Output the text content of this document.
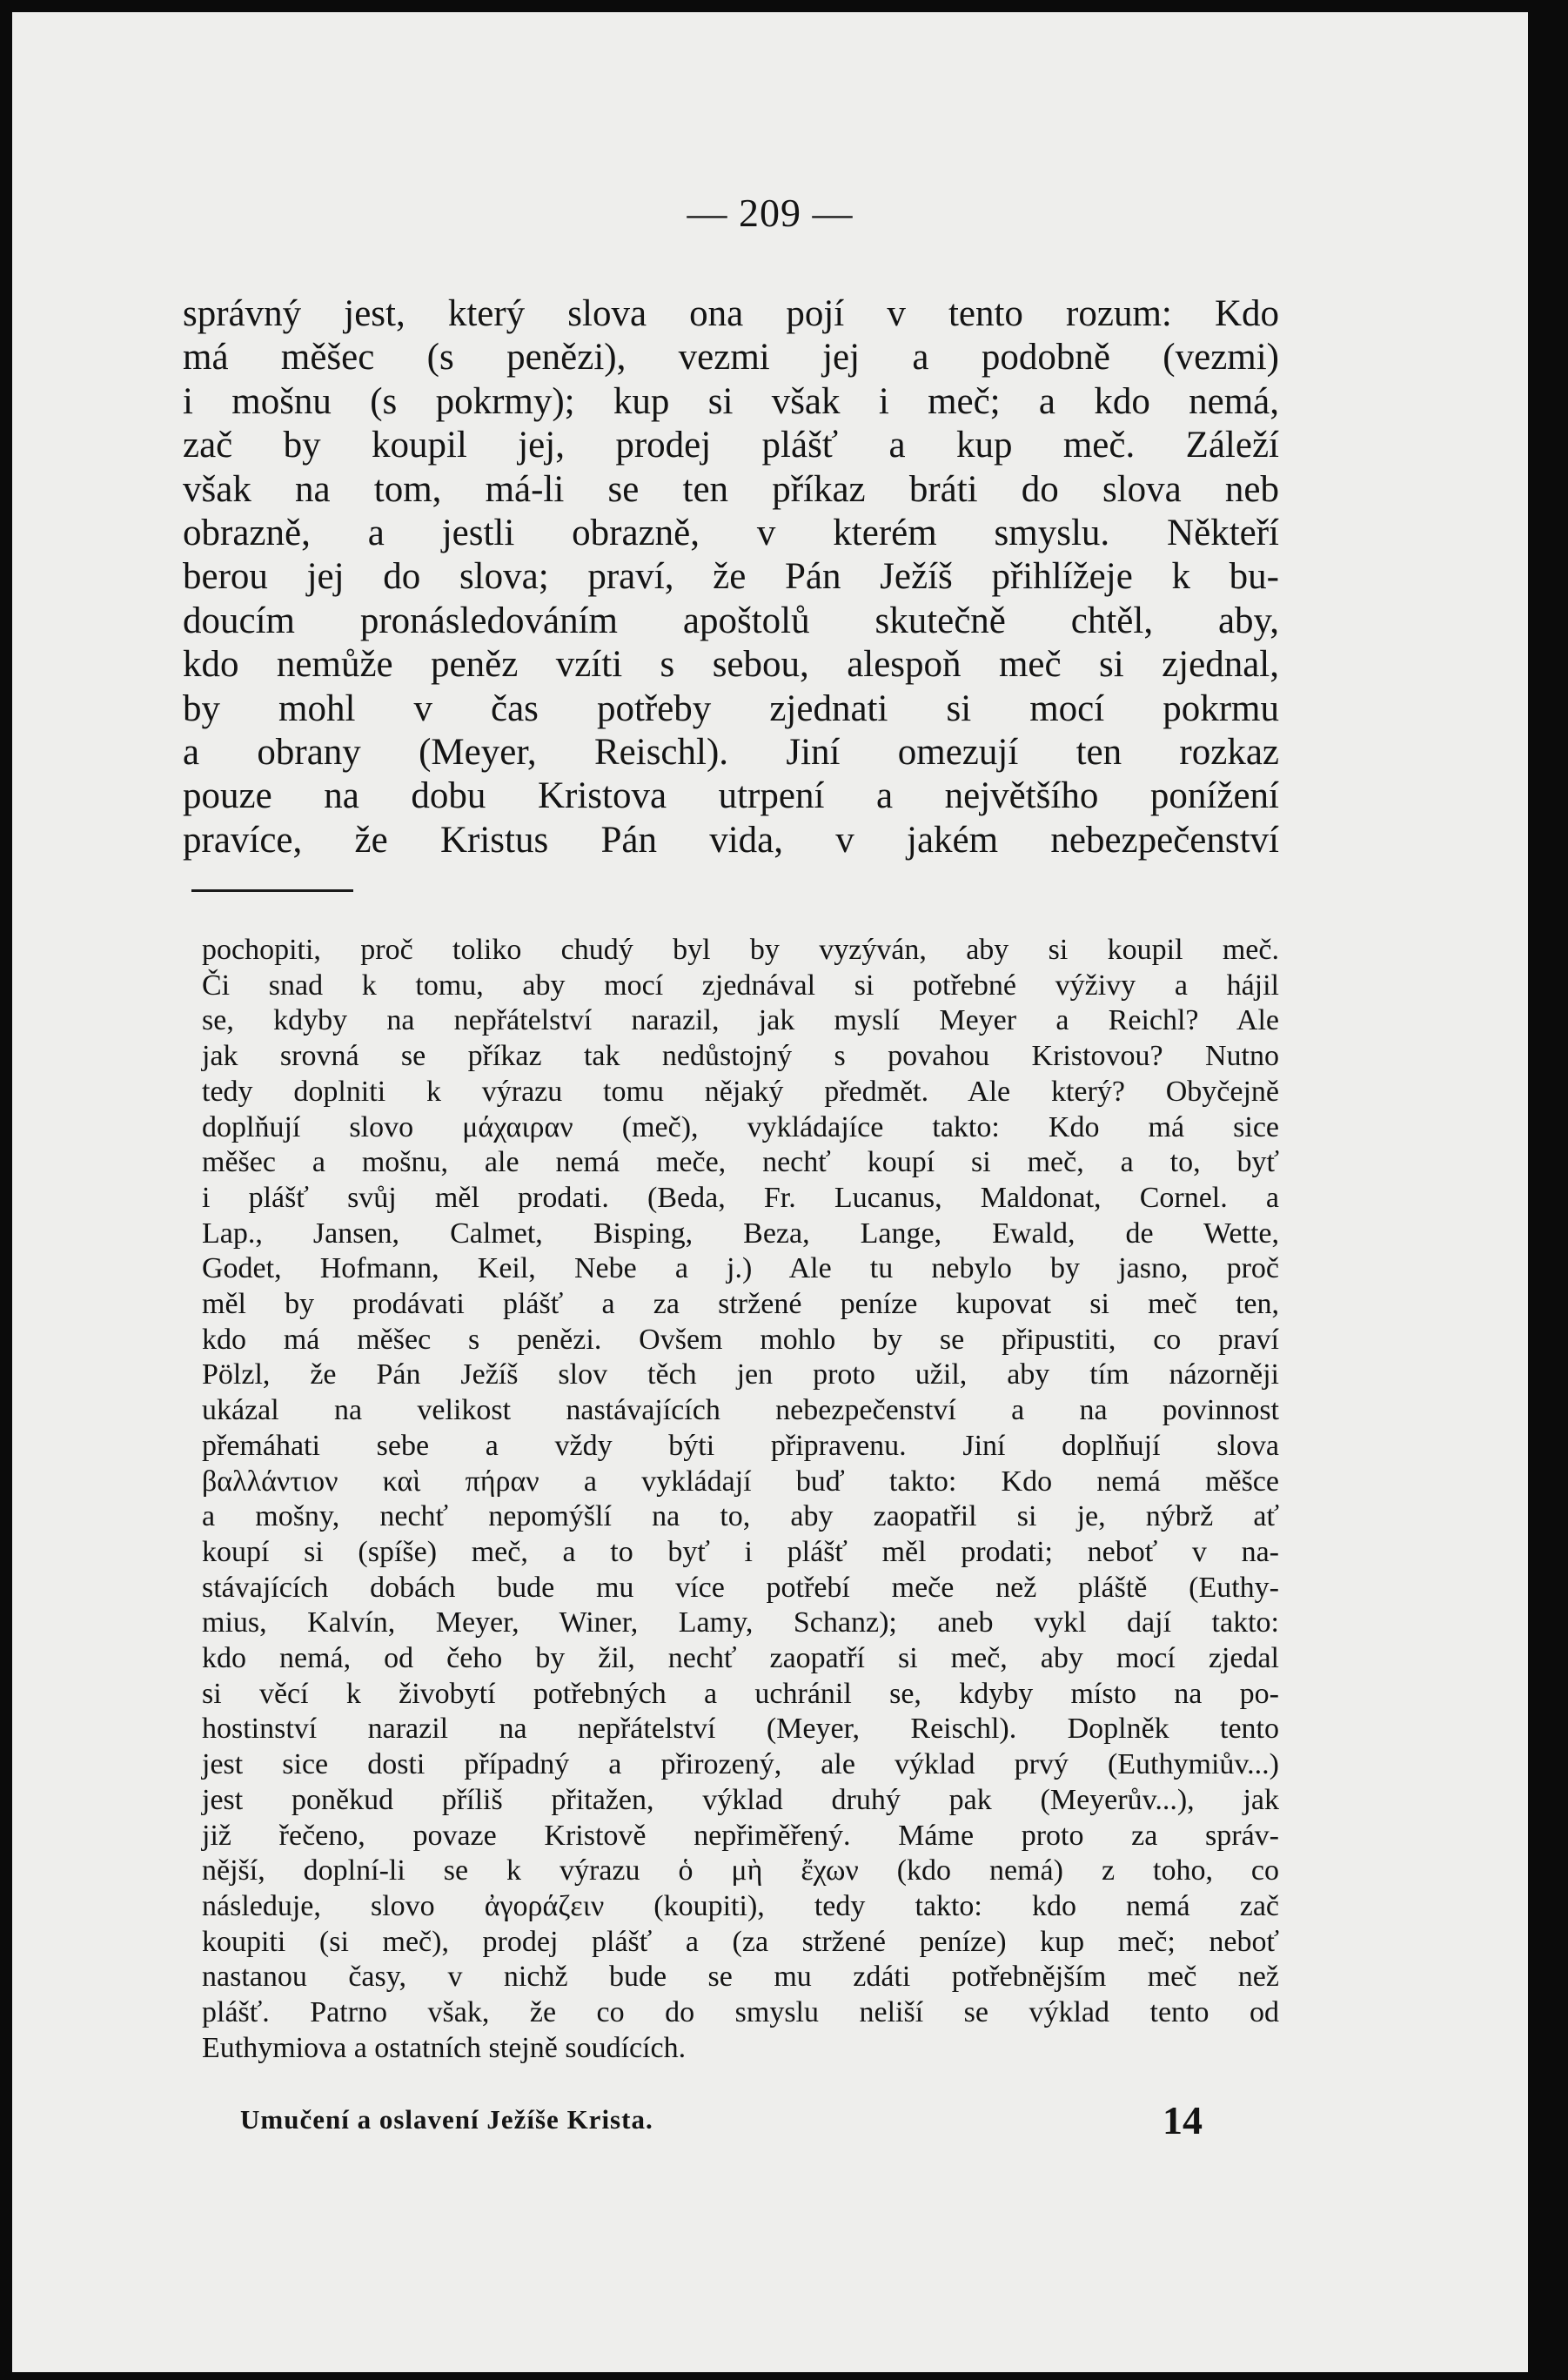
— 209 —
správný jest, který slova ona pojí v tento rozum: Kdo
má měšec (s penězi), vezmi jej a podobně (vezmi)
i mošnu (s pokrmy); kup si však i meč; a kdo nemá,
zač by koupil jej, prodej plášť a kup meč. Záleží
však na tom, má-li se ten příkaz bráti do slova neb
obrazně, a jestli obrazně, v kterém smyslu. Někteří
berou jej do slova; praví, že Pán Ježíš přihlížeje k bu-
doucím pronásledováním apoštolů skutečně chtěl, aby,
kdo nemůže peněz vzíti s sebou, alespoň meč si zjednal,
by mohl v čas potřeby zjednati si mocí pokrmu
a obrany (Meyer, Reischl). Jiní omezují ten rozkaz
pouze na dobu Kristova utrpení a největšího ponížení
pravíce, že Kristus Pán vida, v jakém nebezpečenství
pochopiti, proč toliko chudý byl by vyzýván, aby si koupil meč.
Či snad k tomu, aby mocí zjednával si potřebné výživy a hájil
se, kdyby na nepřátelství narazil, jak myslí Meyer a Reichl? Ale
jak srovná se příkaz tak nedůstojný s povahou Kristovou? Nutno
tedy doplniti k výrazu tomu nějaký předmět. Ale který? Obyčejně
doplňují slovo μάχαιραν (meč), vykládajíce takto: Kdo má sice
měšec a mošnu, ale nemá meče, nechť koupí si meč, a to, byť
i plášť svůj měl prodati. (Beda, Fr. Lucanus, Maldonat, Cornel. a
Lap., Jansen, Calmet, Bisping, Beza, Lange, Ewald, de Wette,
Godet, Hofmann, Keil, Nebe a j.) Ale tu nebylo by jasno, proč
měl by prodávati plášť a za stržené peníze kupovat si meč ten,
kdo má měšec s penězi. Ovšem mohlo by se připustiti, co praví
Pölzl, že Pán Ježíš slov těch jen proto užil, aby tím názorněji
ukázal na velikost nastávajících nebezpečenství a na povinnost
přemáhati sebe a vždy býti připravenu. Jiní doplňují slova
βαλλάντιον καὶ πήραν a vykládají buď takto: Kdo nemá měšce
a mošny, nechť nepomýšlí na to, aby zaopatřil si je, nýbrž ať
koupí si (spíše) meč, a to byť i plášť měl prodati; neboť v na-
stávajících dobách bude mu více potřebí meče než pláště (Euthy-
mius, Kalvín, Meyer, Winer, Lamy, Schanz); aneb vykl dají takto:
kdo nemá, od čeho by žil, nechť zaopatří si meč, aby mocí zjedal
si věcí k živobytí potřebných a uchránil se, kdyby místo na po-
hostinství narazil na nepřátelství (Meyer, Reischl). Doplněk tento
jest sice dosti případný a přirozený, ale výklad prvý (Euthymiův...)
jest poněkud příliš přitažen, výklad druhý pak (Meyerův...), jak
již řečeno, povaze Kristově nepřiměřený. Máme proto za správ-
nější, doplní-li se k výrazu ὁ μὴ ἔχων (kdo nemá) z toho, co
následuje, slovo ἀγοράζειν (koupiti), tedy takto: kdo nemá zač
koupiti (si meč), prodej plášť a (za stržené peníze) kup meč; neboť
nastanou časy, v nichž bude se mu zdáti potřebnějším meč než
plášť. Patrno však, že co do smyslu neliší se výklad tento od
Euthymiova a ostatních stejně soudících.
Umučení a oslavení Ježíše Krista.	14
